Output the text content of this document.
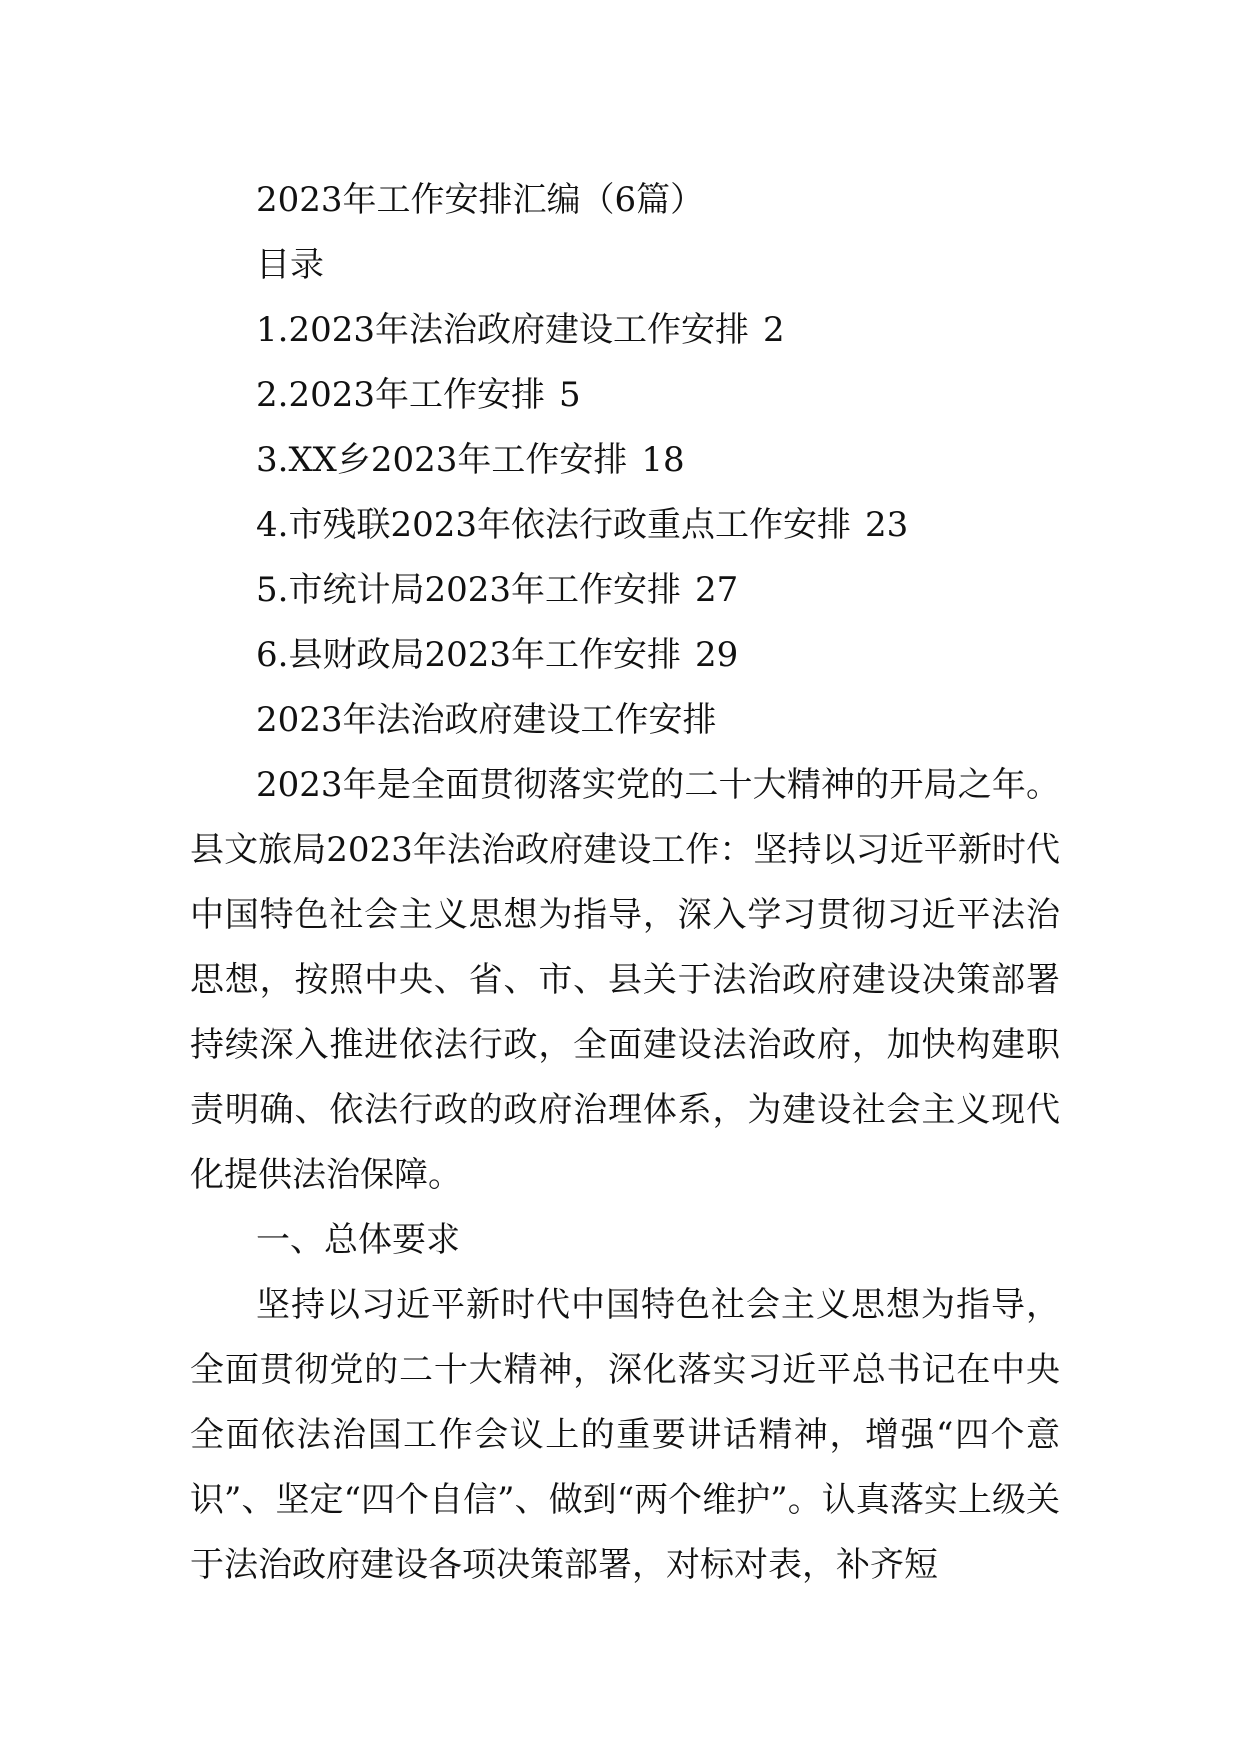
2023年工作安排汇编（6篇）
目录
1.2023年法治政府建设工作安排 2
2.2023年工作安排 5
3.XX乡2023年工作安排 18
4.市残联2023年依法行政重点工作安排 23
5.市统计局2023年工作安排 27
6.县财政局2023年工作安排 29
2023年法治政府建设工作安排

2023年是全面贯彻落实党的二十大精神的开局之年。县文旅局2023年法治政府建设工作：坚持以习近平新时代中国特色社会主义思想为指导，深入学习贯彻习近平法治思想，按照中央、省、市、县关于法治政府建设决策部署持续深入推进依法行政，全面建设法治政府，加快构建职责明确、依法行政的政府治理体系，为建设社会主义现代化提供法治保障。

一、总体要求

坚持以习近平新时代中国特色社会主义思想为指导，全面贯彻党的二十大精神，深化落实习近平总书记在中央全面依法治国工作会议上的重要讲话精神，增强“四个意识”、坚定“四个自信”、做到“两个维护”。认真落实上级关于法治政府建设各项决策部署，对标对表，补齐短
